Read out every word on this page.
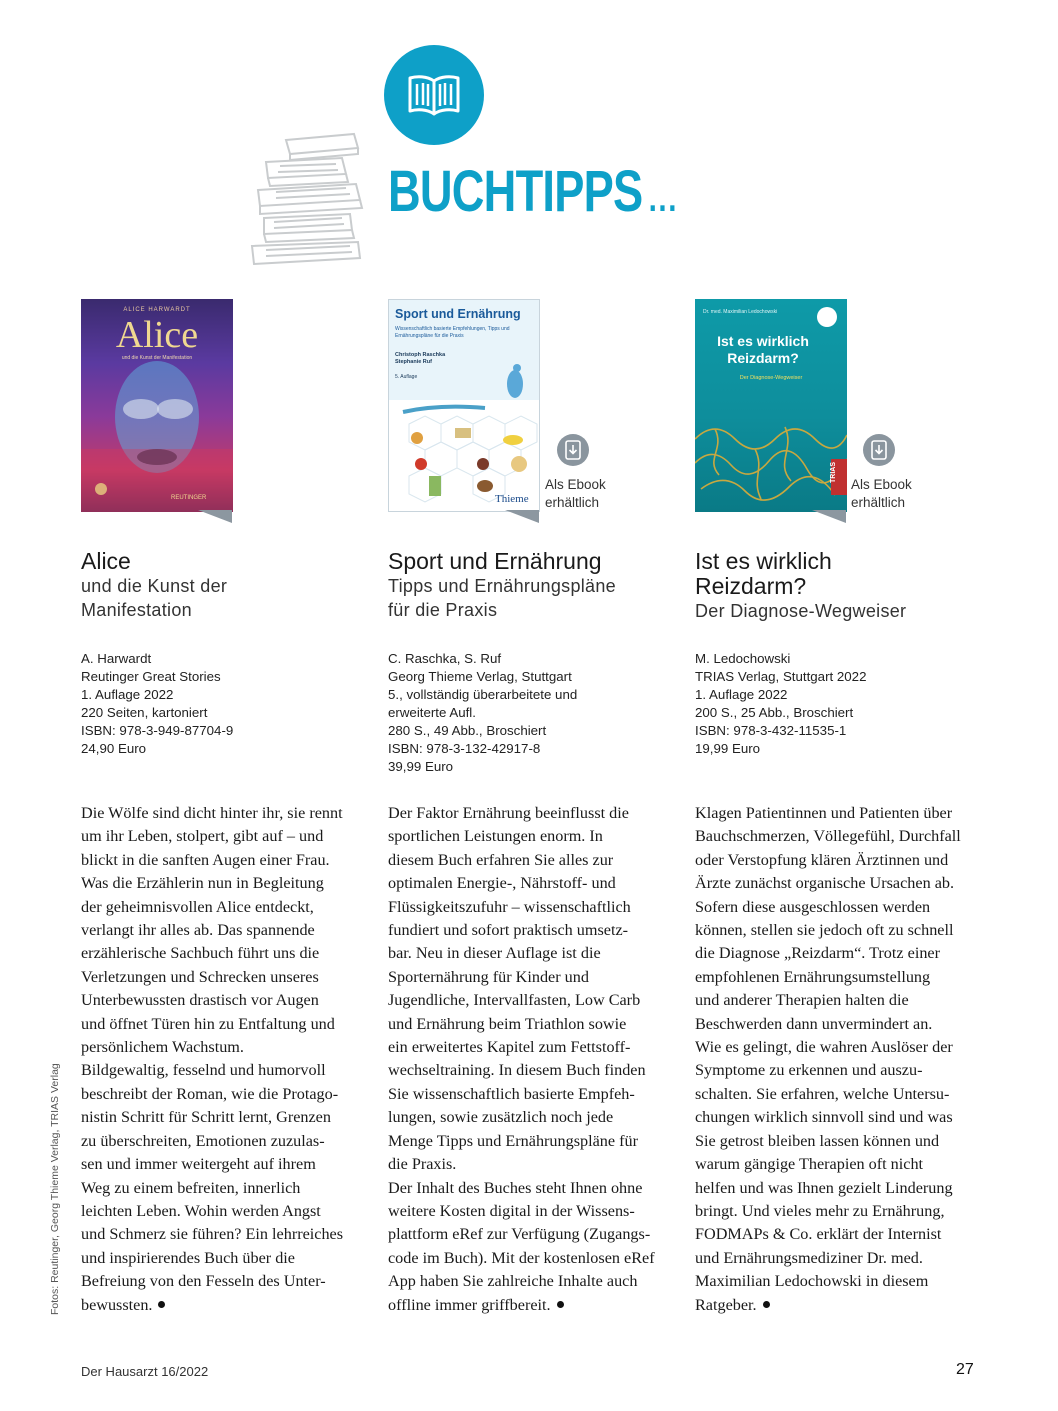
BUCHTIPPS ...
ALICE HARWARDT
Alice
und die Kunst der Manifestation
REUTINGER
Sport und Ernährung
Wissenschaftlich basierte Empfehlungen, Tipps und Ernährungspläne für die Praxis
Christoph Raschka Stephanie Ruf
5. Auflage
Thieme
Als Ebook
erhältlich
Dr. med. Maximilian Ledochowski
Ist es wirklich Reizdarm?
Der Diagnose-Wegweiser
TRIAS
Als Ebook
erhältlich
Alice
und die Kunst der
Manifestation
Sport und Ernährung
Tipps und Ernährungspläne
für die Praxis
Ist es wirklich
Reizdarm?
Der Diagnose-Wegweiser
A. Harwardt
Reutinger Great Stories
1. Auflage 2022
220 Seiten, kartoniert
ISBN: 978-3-949-87704-9
24,90 Euro
C. Raschka, S. Ruf
Georg Thieme Verlag, Stuttgart
5., vollständig überarbeitete und
erweiterte Aufl.
280 S., 49 Abb., Broschiert
ISBN: 978-3-132-42917-8
39,99 Euro
M. Ledochowski
TRIAS Verlag, Stuttgart 2022
1. Auflage 2022
200 S., 25 Abb., Broschiert
ISBN: 978-3-432-11535-1
19,99 Euro
Die Wölfe sind dicht hinter ihr, sie rennt
um ihr Leben, stolpert, gibt auf – und
blickt in die sanften Augen einer Frau.
Was die Erzählerin nun in Begleitung
der geheimnisvollen Alice entdeckt,
verlangt ihr alles ab. Das spannende
erzählerische Sachbuch führt uns die
Verletzungen und Schrecken unseres
Unterbewussten drastisch vor Augen
und öffnet Türen hin zu Entfaltung und
persönlichem Wachstum.
Bildgewaltig, fesselnd und humorvoll
beschreibt der Roman, wie die Protago-
nistin Schritt für Schritt lernt, Grenzen
zu überschreiten, Emotionen zuzulas-
sen und immer weitergeht auf ihrem
Weg zu einem befreiten, innerlich
leichten Leben. Wohin werden Angst
und Schmerz sie führen? Ein lehrreiches
und inspirierendes Buch über die
Befreiung von den Fesseln des Unter-
bewussten.
Der Faktor Ernährung beeinflusst die
sportlichen Leistungen enorm. In
diesem Buch erfahren Sie alles zur
optimalen Energie-, Nährstoff- und
Flüssigkeitszufuhr – wissenschaftlich
fundiert und sofort praktisch umsetz-
bar. Neu in dieser Auflage ist die
Sporternährung für Kinder und
Jugendliche, Intervallfasten, Low Carb
und Ernährung beim Triathlon sowie
ein erweitertes Kapitel zum Fettstoff-
wechseltraining. In diesem Buch finden
Sie wissenschaftlich basierte Empfeh-
lungen, sowie zusätzlich noch jede
Menge Tipps und Ernährungspläne für
die Praxis.
Der Inhalt des Buches steht Ihnen ohne
weitere Kosten digital in der Wissens-
plattform eRef zur Verfügung (Zugangs-
code im Buch). Mit der kostenlosen eRef
App haben Sie zahlreiche Inhalte auch
offline immer griffbereit.
Klagen Patientinnen und Patienten über
Bauchschmerzen, Völlegefühl, Durchfall
oder Verstopfung klären Ärztinnen und
Ärzte zunächst organische Ursachen ab.
Sofern diese ausgeschlossen werden
können, stellen sie jedoch oft zu schnell
die Diagnose „Reizdarm“. Trotz einer
empfohlenen Ernährungsumstellung
und anderer Therapien halten die
Beschwerden dann unvermindert an.
Wie es gelingt, die wahren Auslöser der
Symptome zu erkennen und auszu-
schalten. Sie erfahren, welche Untersu-
chungen wirklich sinnvoll sind und was
Sie getrost bleiben lassen können und
warum gängige Therapien oft nicht
helfen und was Ihnen gezielt Linderung
bringt. Und vieles mehr zu Ernährung,
FODMAPs & Co. erklärt der Internist
und Ernährungsmediziner Dr. med.
Maximilian Ledochowski in diesem
Ratgeber.
Fotos: Reutinger, Georg Thieme Verlag, TRIAS Verlag
Der Hausarzt 16/2022	27
